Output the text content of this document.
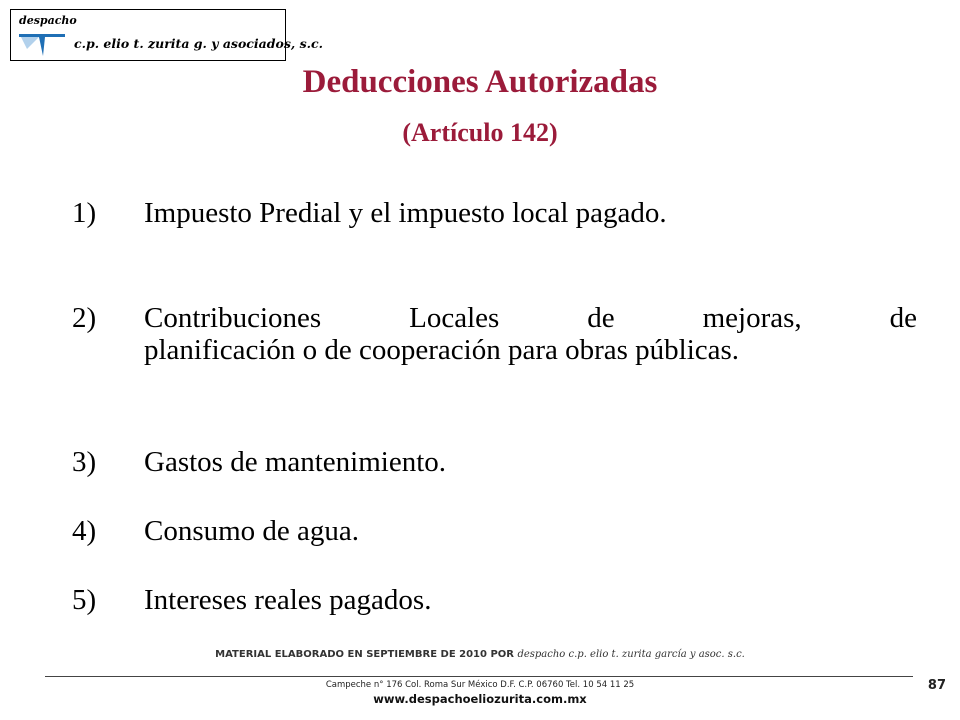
despacho
c.p. elio t. zurita g. y asociados, s.c.
Deducciones Autorizadas
(Artículo 142)
1) Impuesto Predial y el impuesto local pagado.
2) Contribuciones Locales de mejoras, de
planificación o de cooperación para obras públicas.
3) Gastos de mantenimiento.
4) Consumo de agua.
5) Intereses reales pagados.
MATERIAL ELABORADO EN SEPTIEMBRE DE 2010 POR despacho c.p. elio t. zurita garcía y asoc. s.c.
Campeche n° 176 Col. Roma Sur México D.F. C.P. 06760 Tel. 10 54 11 25
www.despachoeliozurita.com.mx
87
